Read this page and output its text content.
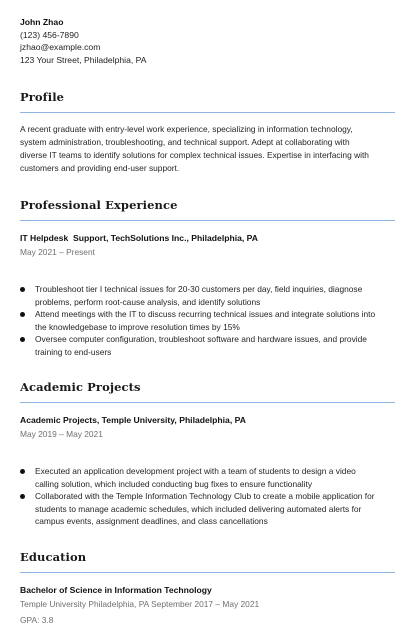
John Zhao
(123) 456-7890
jzhao@example.com
123 Your Street, Philadelphia, PA
Profile
A recent graduate with entry-level work experience, specializing in information technology,
system administration, troubleshooting, and technical support. Adept at collaborating with
diverse IT teams to identify solutions for complex technical issues. Expertise in interfacing with
customers and providing end-user support.
Professional Experience
IT Helpdesk  Support, TechSolutions Inc., Philadelphia, PA
May 2021 – Present
Troubleshoot tier I technical issues for 20-30 customers per day, field inquiries, diagnose
problems, perform root-cause analysis, and identify solutions
Attend meetings with the IT to discuss recurring technical issues and integrate solutions into
the knowledgebase to improve resolution times by 15%
Oversee computer configuration, troubleshoot software and hardware issues, and provide
training to end-users
Academic Projects
Academic Projects, Temple University, Philadelphia, PA
May 2019 – May 2021
Executed an application development project with a team of students to design a video
calling solution, which included conducting bug fixes to ensure functionality
Collaborated with the Temple Information Technology Club to create a mobile application for
students to manage academic schedules, which included delivering automated alerts for
campus events, assignment deadlines, and class cancellations
Education
Bachelor of Science in Information Technology
Temple University Philadelphia, PA September 2017 – May 2021
GPA: 3.8
